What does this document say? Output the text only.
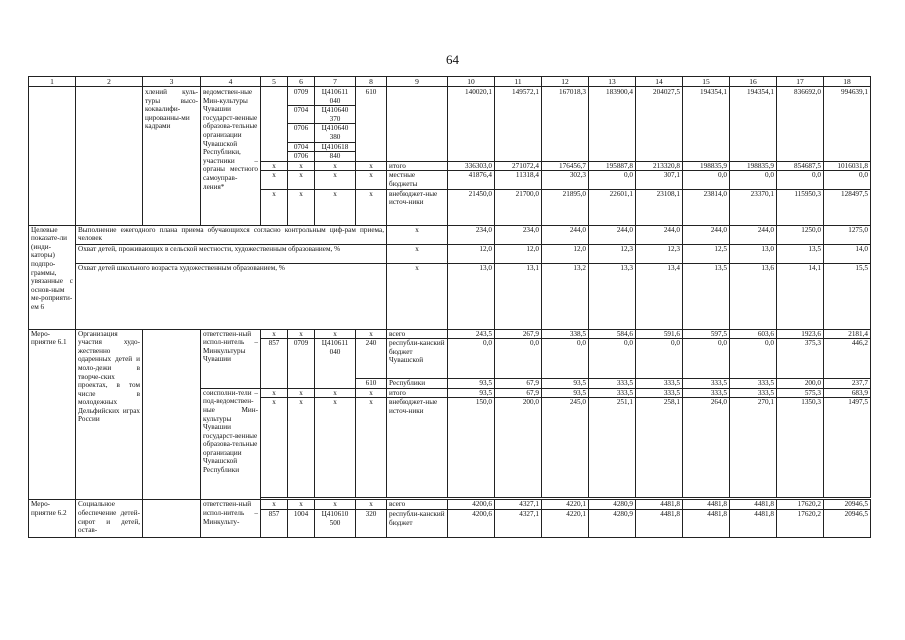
64
1	2	3	4	5	6	7	8	9	10	11	12	13	14	15	16	17	18
		хлений куль-туры высо-коквалифи-цированны-ми кадрами	ведомствен-ные Мин-культуры Чувашии государст-венные образова-тельные организации Чувашской Республики, участники – органы местного самоуправ-ления*		0709	Ц410611 040	610		140020,1	149572,1	167018,3	183900,4	204027,5	194354,1	194354,1	836692,0	994639,1
					0704	Ц410640 370											
					0706	Ц410640 380											
					0704	Ц410618											
					0706	840											
				х	х	х	х	итого	336303,0	271072,4	176456,7	195887,8	213320,8	198835,9	198835,9	854687,5	1016031,8
				х	х	х	х	местные бюджеты	41876,4	11318,4	302,3	0,0	307,1	0,0	0,0	0,0	0,0
				х	х	х	х	внебюджет-ные источ-ники	21450,0	21700,0	21895,0	22601,1	23108,1	23814,0	23370,1	115950,3	128497,5
Целевые показате-ли (инди-каторы) подпро-граммы, увязанные с основ-ным ме-роприяти-ем 6	Выполнение ежегодного плана приема обучающихся согласно контрольным циф-рам приема, человек							х	234,0	234,0	244,0	244,0	244,0	244,0	244,0	1250,0	1275,0
	Охват детей, проживающих в сельской местности, художественным образованием, %							х	12,0	12,0	12,0	12,3	12,3	12,5	13,0	13,5	14,0
	Охват детей школьного возраста художественным образованием, %							х	13,0	13,1	13,2	13,3	13,4	13,5	13,6	14,1	15,5
Меро-приятие 6.1	Организация участия худо-жественно одаренных детей и моло-дежи в творче-ских проектах, в том числе в молодежных Дельфийских играх России		ответствен-ный испол-нитель – Минкультуры Чувашии	х	х	х	х	всего	243,5	267,9	338,5	584,6	591,6	597,5	603,6	1923,6	2181,4
				857	0709	Ц410611 040	240	республи-канский бюджет Чувашской	0,0	0,0	0,0	0,0	0,0	0,0	0,0	375,3	446,2
							610	Республики	93,5	67,9	93,5	333,5	333,5	333,5	333,5	200,0	237,7
			соисполни-тели – под-ведомствен-ные Мин-культуры Чувашии государст-венные образова-тельные организации Чувашской Республики	х	х	х	х	итого	93,5	67,9	93,5	333,5	333,5	333,5	333,5	575,3	683,9
				х	х	х	х	внебюджет-ные источ-ники	150,0	200,0	245,0	251,1	258,1	264,0	270,1	1350,3	1497,5

Меро-приятие 6.2	Социальное обеспечение детей-сирот и детей, остав-		ответствен-ный испол-нитель – Минкульту-	х	х	х	х	всего	4200,6	4327,1	4220,1	4280,9	4481,8	4481,8	4481,8	17620,2	20946,5
				857	1004	Ц410610 500	320	республи-канский бюджет	4200,6	4327,1	4220,1	4280,9	4481,8	4481,8	4481,8	17620,2	20946,5
